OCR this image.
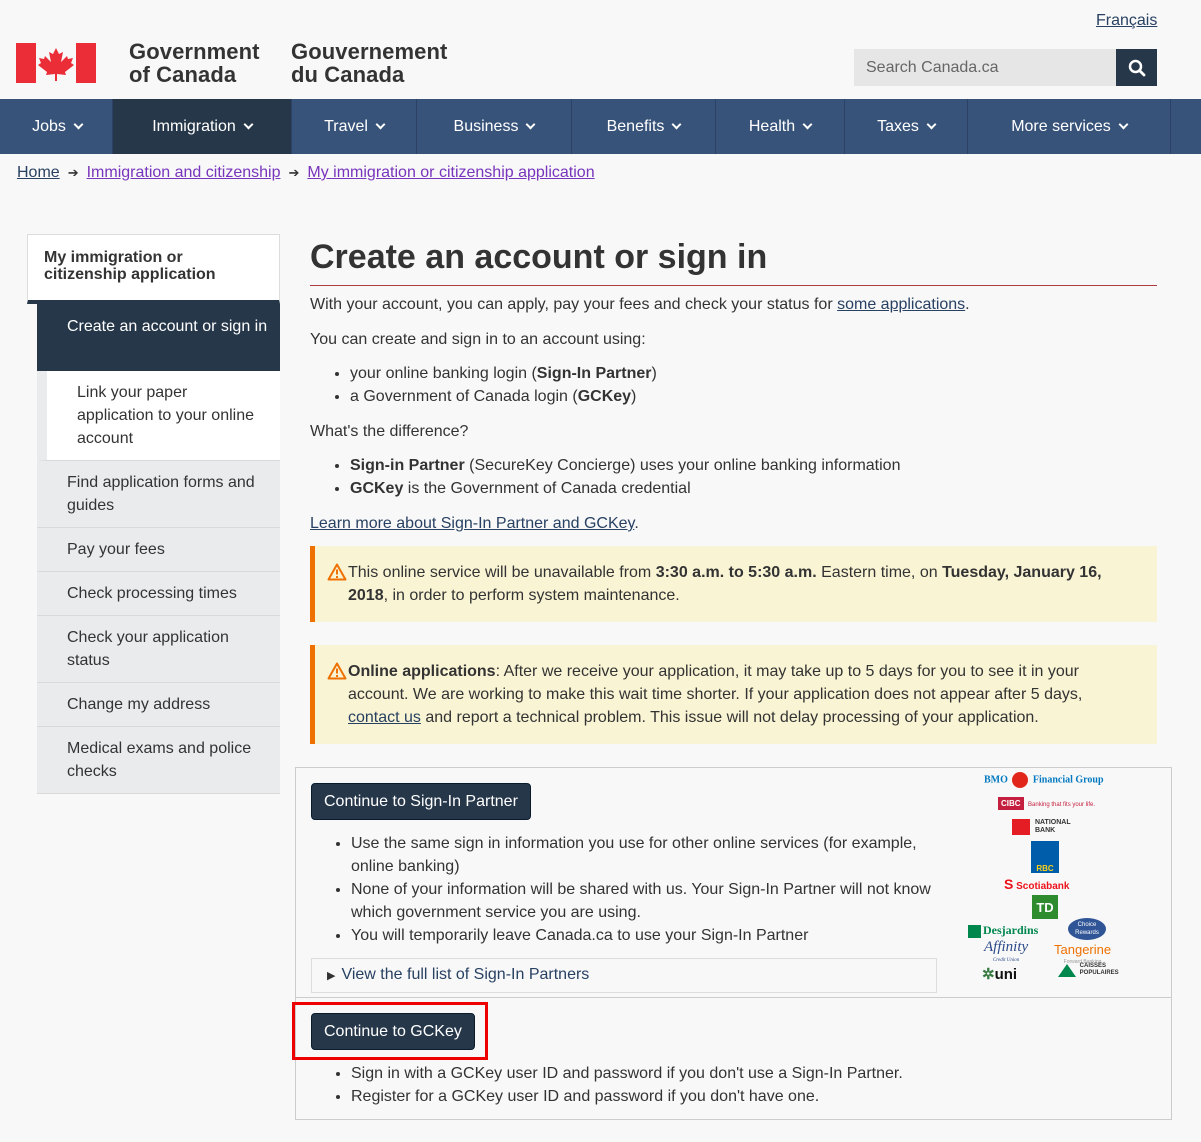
Français
Government
of Canada
Gouvernement
du Canada
Search Canada.ca
Jobs	Immigration	Travel	Business	Benefits	Health	Taxes	More services
Home ➔ Immigration and citizenship ➔ My immigration or citizenship application
My immigration or citizenship application
Create an account or sign in
Link your paper application to your online account
Find application forms and guides
Pay your fees
Check processing times
Check your application status
Change my address
Medical exams and police checks
Create an account or sign in
With your account, you can apply, pay your fees and check your status for some applications.
You can create and sign in to an account using:
• your online banking login (Sign-In Partner)
• a Government of Canada login (GCKey)
What's the difference?
• Sign-in Partner (SecureKey Concierge) uses your online banking information
• GCKey is the Government of Canada credential
Learn more about Sign-In Partner and GCKey.
This online service will be unavailable from 3:30 a.m. to 5:30 a.m. Eastern time, on Tuesday, January 16, 2018, in order to perform system maintenance.
Online applications: After we receive your application, it may take up to 5 days for you to see it in your account. We are working to make this wait time shorter. If your application does not appear after 5 days, contact us and report a technical problem. This issue will not delay processing of your application.
Continue to Sign-In Partner
• Use the same sign in information you use for other online services (for example, online banking)
• None of your information will be shared with us. Your Sign-In Partner will not know which government service you are using.
• You will temporarily leave Canada.ca to use your Sign-In Partner
▶ View the full list of Sign-In Partners
Continue to GCKey
• Sign in with a GCKey user ID and password if you don't use a Sign-In Partner.
• Register for a GCKey user ID and password if you don't have one.
BMO	Financial Group
CIBC Banking that fits your life.
NATIONAL
BANK
RBC
S Scotiabank
TD
Desjardins	Choice
Rewards
Affinity
Credit Union
Tangerine
Forward Banking
✲uni	CAISSES
POPULAIRES
